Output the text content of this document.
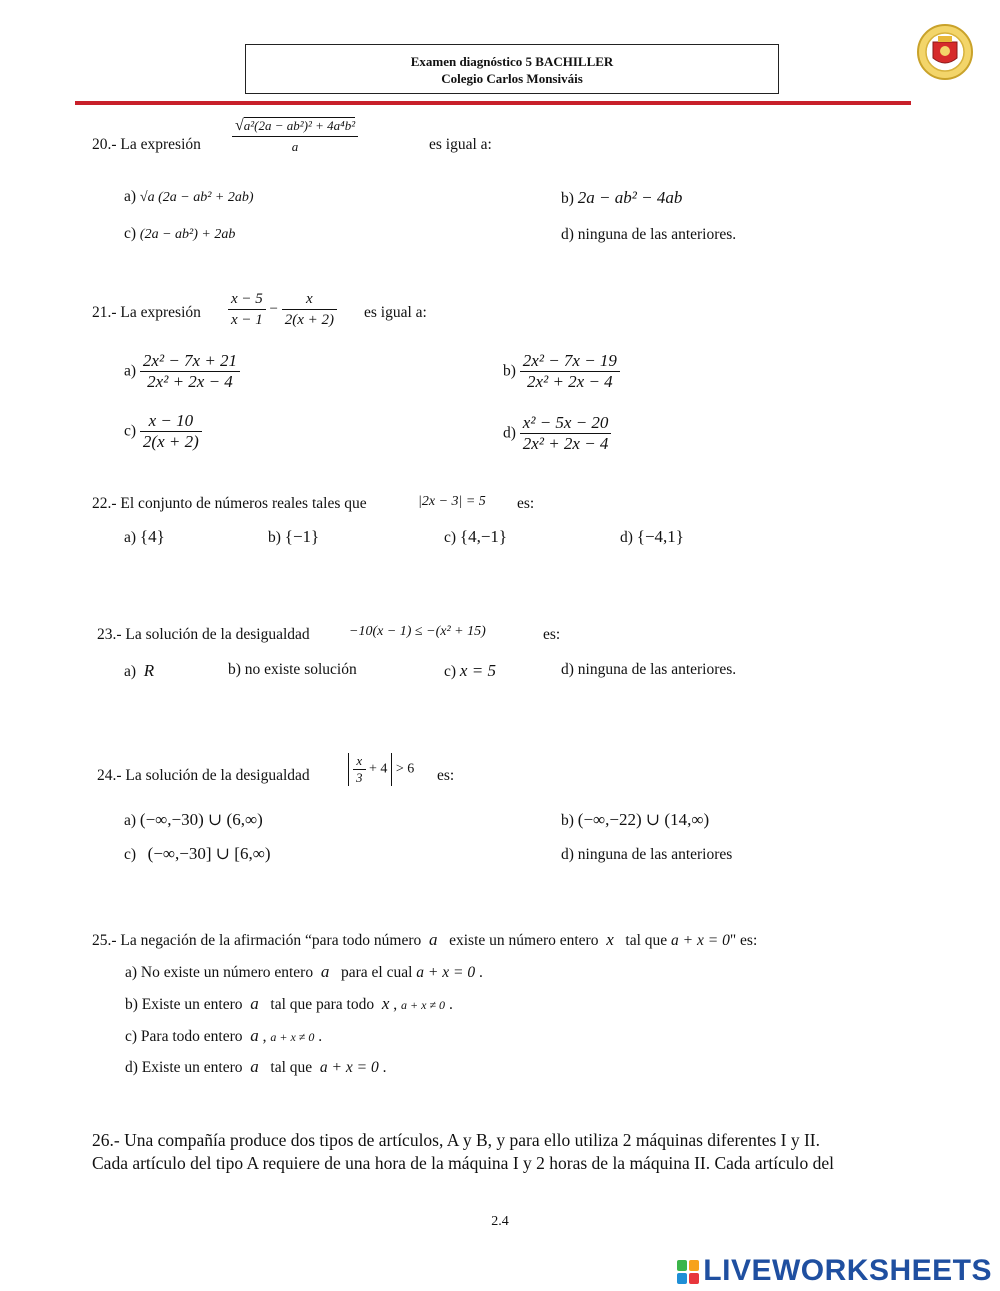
Examen diagnóstico 5 BACHILLER
Colegio Carlos Monsiváis
20.- La expresión $\frac{\text{√a²(2a − ab²)² + 4a⁴b²}}{a}$	es igual a:
a) √a (2a − ab² + 2ab)	b) 2a − ab² − 4ab
c) (2a − ab²) + 2ab	d) ninguna de las anteriores.
21.- La expresión $\frac{x - 5}{x - 1} - \frac{x}{2(x + 2)}$ es igual a:
$a) \frac{\text{2x² − 7x + 21}}{\text{2x² + 2x − 4}}$	$b) \frac{\text{2x² − 7x − 19}}{\text{2x² + 2x − 4}}$
$c) \frac{x - 10}{2(x + 2)}$	$d) \frac{\text{x² − 5x − 20}}{\text{2x² + 2x − 4}}$
22.- El conjunto de números reales tales que	|2x − 3| = 5 es:
a) {4}	b) {−1}	c) {4,−1}	d) {−4,1}
23.- La solución de la desigualdad	−10(x − 1) ≤ −(x² + 15)	es:
a) R	b) no existe solución	c) x = 5	d) ninguna de las anteriores.
24.- La solución de la desigualdad	$\frac{x}{3} + 4 > 6$ es:
a) (−∞,−30) ∪ (6,∞)	b) (−∞,−22) ∪ (14,∞)
c) (−∞,−30] ∪ [6,∞)	d) ninguna de las anteriores
25.- La negación de la afirmación “para todo número a existe un número entero x tal que a + x = 0" es:
a) No existe un número entero a para el cual a + x = 0 .
b) Existe un entero a tal que para todo x , a + x ≠ 0 .
c) Para todo entero a , a + x ≠ 0 .
d) Existe un entero a tal que a + x = 0 .
26.- Una compañía produce dos tipos de artículos, A y B, y para ello utiliza 2 máquinas diferentes I y II.
Cada artículo del tipo A requiere de una hora de la máquina I y 2 horas de la máquina II. Cada artículo del
2.4
LIVEWORKSHEETS
